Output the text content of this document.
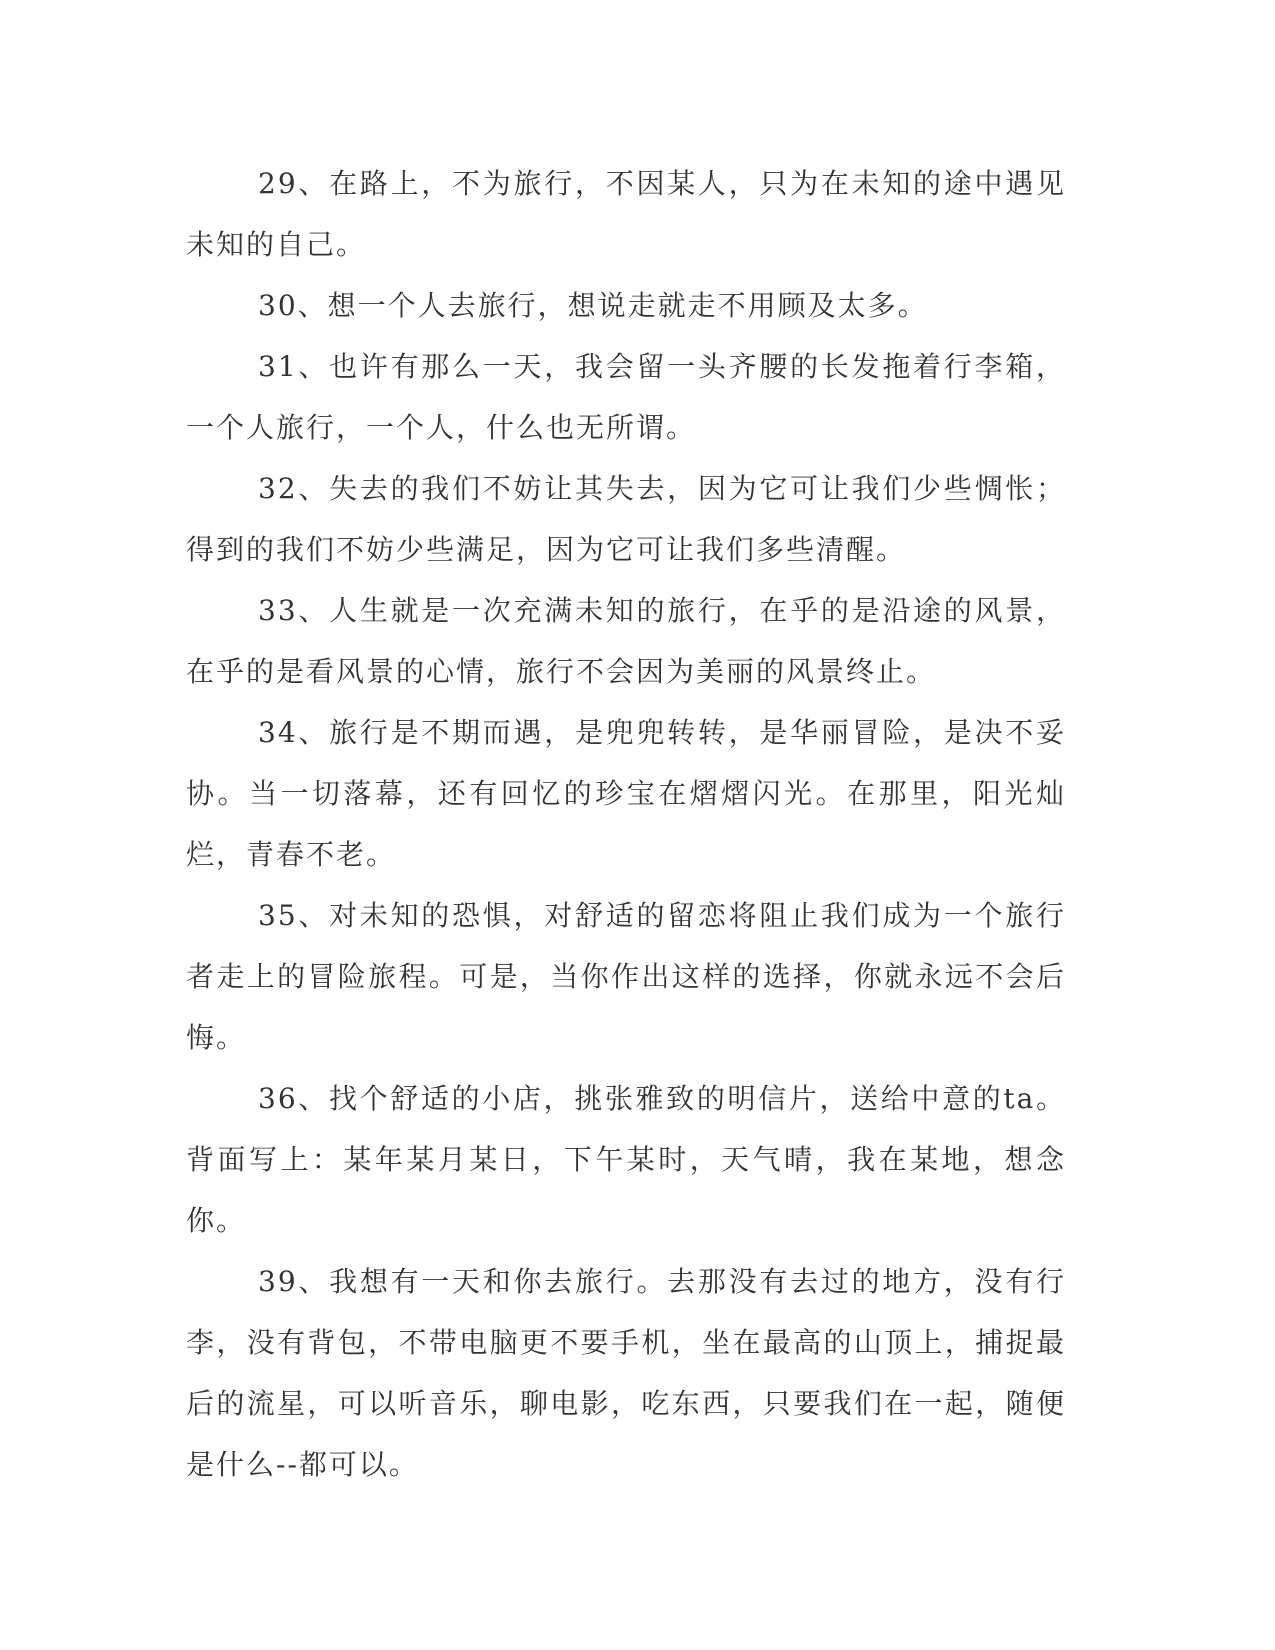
29、在路上，不为旅行，不因某人，只为在未知的途中遇见未知的自己。

30、想一个人去旅行，想说走就走不用顾及太多。

31、也许有那么一天，我会留一头齐腰的长发拖着行李箱，一个人旅行，一个人，什么也无所谓。

32、失去的我们不妨让其失去，因为它可让我们少些惆怅；得到的我们不妨少些满足，因为它可让我们多些清醒。

33、人生就是一次充满未知的旅行，在乎的是沿途的风景，在乎的是看风景的心情，旅行不会因为美丽的风景终止。

34、旅行是不期而遇，是兜兜转转，是华丽冒险，是决不妥协。当一切落幕，还有回忆的珍宝在熠熠闪光。在那里，阳光灿烂，青春不老。

35、对未知的恐惧，对舒适的留恋将阻止我们成为一个旅行者走上的冒险旅程。可是，当你作出这样的选择，你就永远不会后悔。

36、找个舒适的小店，挑张雅致的明信片，送给中意的ta。背面写上：某年某月某日，下午某时，天气晴，我在某地，想念你。

39、我想有一天和你去旅行。去那没有去过的地方，没有行李，没有背包，不带电脑更不要手机，坐在最高的山顶上，捕捉最后的流星，可以听音乐，聊电影，吃东西，只要我们在一起，随便是什么--都可以。
